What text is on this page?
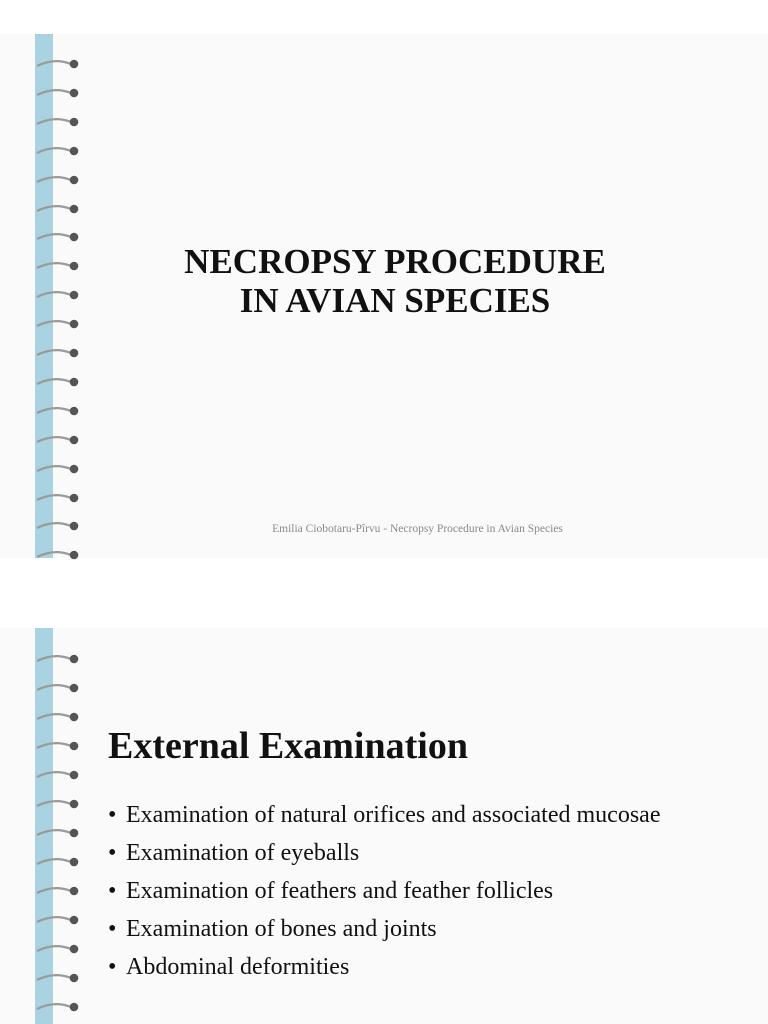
NECROPSY PROCEDURE
IN AVIAN SPECIES
Emilia Ciobotaru-Pîrvu - Necropsy Procedure in Avian Species
External Examination
• Examination of natural orifices and associated mucosae
• Examination of eyeballs
• Examination of feathers and feather follicles
• Examination of bones and joints
• Abdominal deformities
